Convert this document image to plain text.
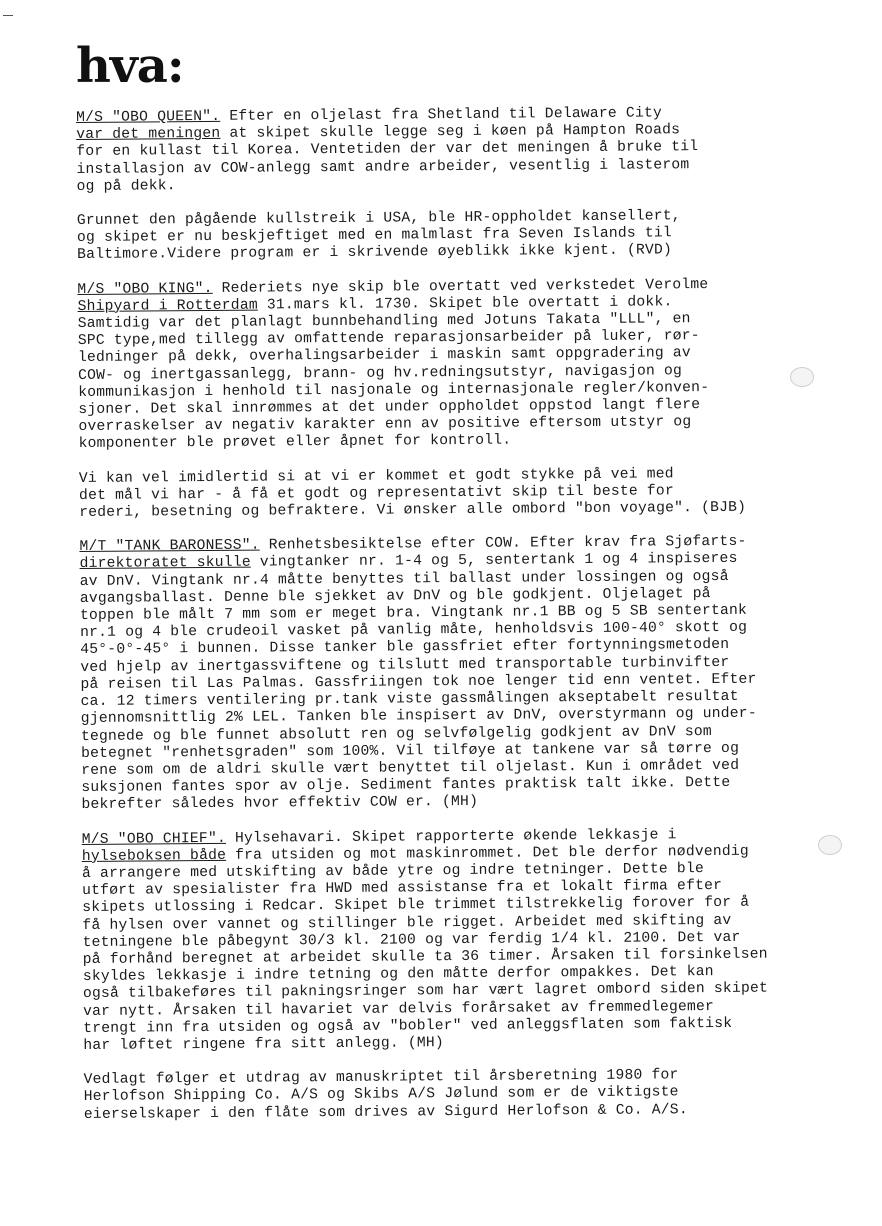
hva:
M/S "OBO QUEEN". Efter en oljelast fra Shetland til Delaware City
var det meningen at skipet skulle legge seg i køen på Hampton Roads
for en kullast til Korea. Ventetiden der var det meningen å bruke til
installasjon av COW-anlegg samt andre arbeider, vesentlig i lasterom
og på dekk.
Grunnet den pågående kullstreik i USA, ble HR-oppholdet kansellert,
og skipet er nu beskjeftiget med en malmlast fra Seven Islands til
Baltimore.Videre program er i skrivende øyeblikk ikke kjent. (RVD)
M/S "OBO KING". Rederiets nye skip ble overtatt ved verkstedet Verolme
Shipyard i Rotterdam 31.mars kl. 1730. Skipet ble overtatt i dokk.
Samtidig var det planlagt bunnbehandling med Jotuns Takata "LLL", en
SPC type,med tillegg av omfattende reparasjonsarbeider på luker, rør-
ledninger på dekk, overhalingsarbeider i maskin samt oppgradering av
COW- og inertgassanlegg, brann- og hv.redningsutstyr, navigasjon og
kommunikasjon i henhold til nasjonale og internasjonale regler/konven-
sjoner. Det skal innrømmes at det under oppholdet oppstod langt flere
overraskelser av negativ karakter enn av positive eftersom utstyr og
komponenter ble prøvet eller åpnet for kontroll.
Vi kan vel imidlertid si at vi er kommet et godt stykke på vei med
det mål vi har - å få et godt og representativt skip til beste for
rederi, besetning og befraktere. Vi ønsker alle ombord "bon voyage". (BJB)
M/T "TANK BARONESS". Renhetsbesiktelse efter COW. Efter krav fra Sjøfarts-
direktoratet skulle vingtanker nr. 1-4 og 5, sentertank 1 og 4 inspiseres
av DnV. Vingtank nr.4 måtte benyttes til ballast under lossingen og også
avgangsballast. Denne ble sjekket av DnV og ble godkjent. Oljelaget på
toppen ble målt 7 mm som er meget bra. Vingtank nr.1 BB og 5 SB sentertank
nr.1 og 4 ble crudeoil vasket på vanlig måte, henholdsvis 100-40° skott og
45°-0°-45° i bunnen. Disse tanker ble gassfriet efter fortynningsmetoden
ved hjelp av inertgassviftene og tilslutt med transportable turbinvifter
på reisen til Las Palmas. Gassfriingen tok noe lenger tid enn ventet. Efter
ca. 12 timers ventilering pr.tank viste gassmålingen akseptabelt resultat
gjennomsnittlig 2% LEL. Tanken ble inspisert av DnV, overstyrmann og under-
tegnede og ble funnet absolutt ren og selvfølgelig godkjent av DnV som
betegnet "renhetsgraden" som 100%. Vil tilføye at tankene var så tørre og
rene som om de aldri skulle vært benyttet til oljelast. Kun i området ved
suksjonen fantes spor av olje. Sediment fantes praktisk talt ikke. Dette
bekrefter således hvor effektiv COW er. (MH)
M/S "OBO CHIEF". Hylsehavari. Skipet rapporterte økende lekkasje i
hylseboksen både fra utsiden og mot maskinrommet. Det ble derfor nødvendig
å arrangere med utskifting av både ytre og indre tetninger. Dette ble
utført av spesialister fra HWD med assistanse fra et lokalt firma efter
skipets utlossing i Redcar. Skipet ble trimmet tilstrekkelig forover for å
få hylsen over vannet og stillinger ble rigget. Arbeidet med skifting av
tetningene ble påbegynt 30/3 kl. 2100 og var ferdig 1/4 kl. 2100. Det var
på forhånd beregnet at arbeidet skulle ta 36 timer. Årsaken til forsinkelsen
skyldes lekkasje i indre tetning og den måtte derfor ompakkes. Det kan
også tilbakeføres til pakningsringer som har vært lagret ombord siden skipet
var nytt. Årsaken til havariet var delvis forårsaket av fremmedlegemer
trengt inn fra utsiden og også av "bobler" ved anleggsflaten som faktisk
har løftet ringene fra sitt anlegg. (MH)
Vedlagt følger et utdrag av manuskriptet til årsberetning 1980 for
Herlofson Shipping Co. A/S og Skibs A/S Jølund som er de viktigste
eierselskaper i den flåte som drives av Sigurd Herlofson & Co. A/S.
